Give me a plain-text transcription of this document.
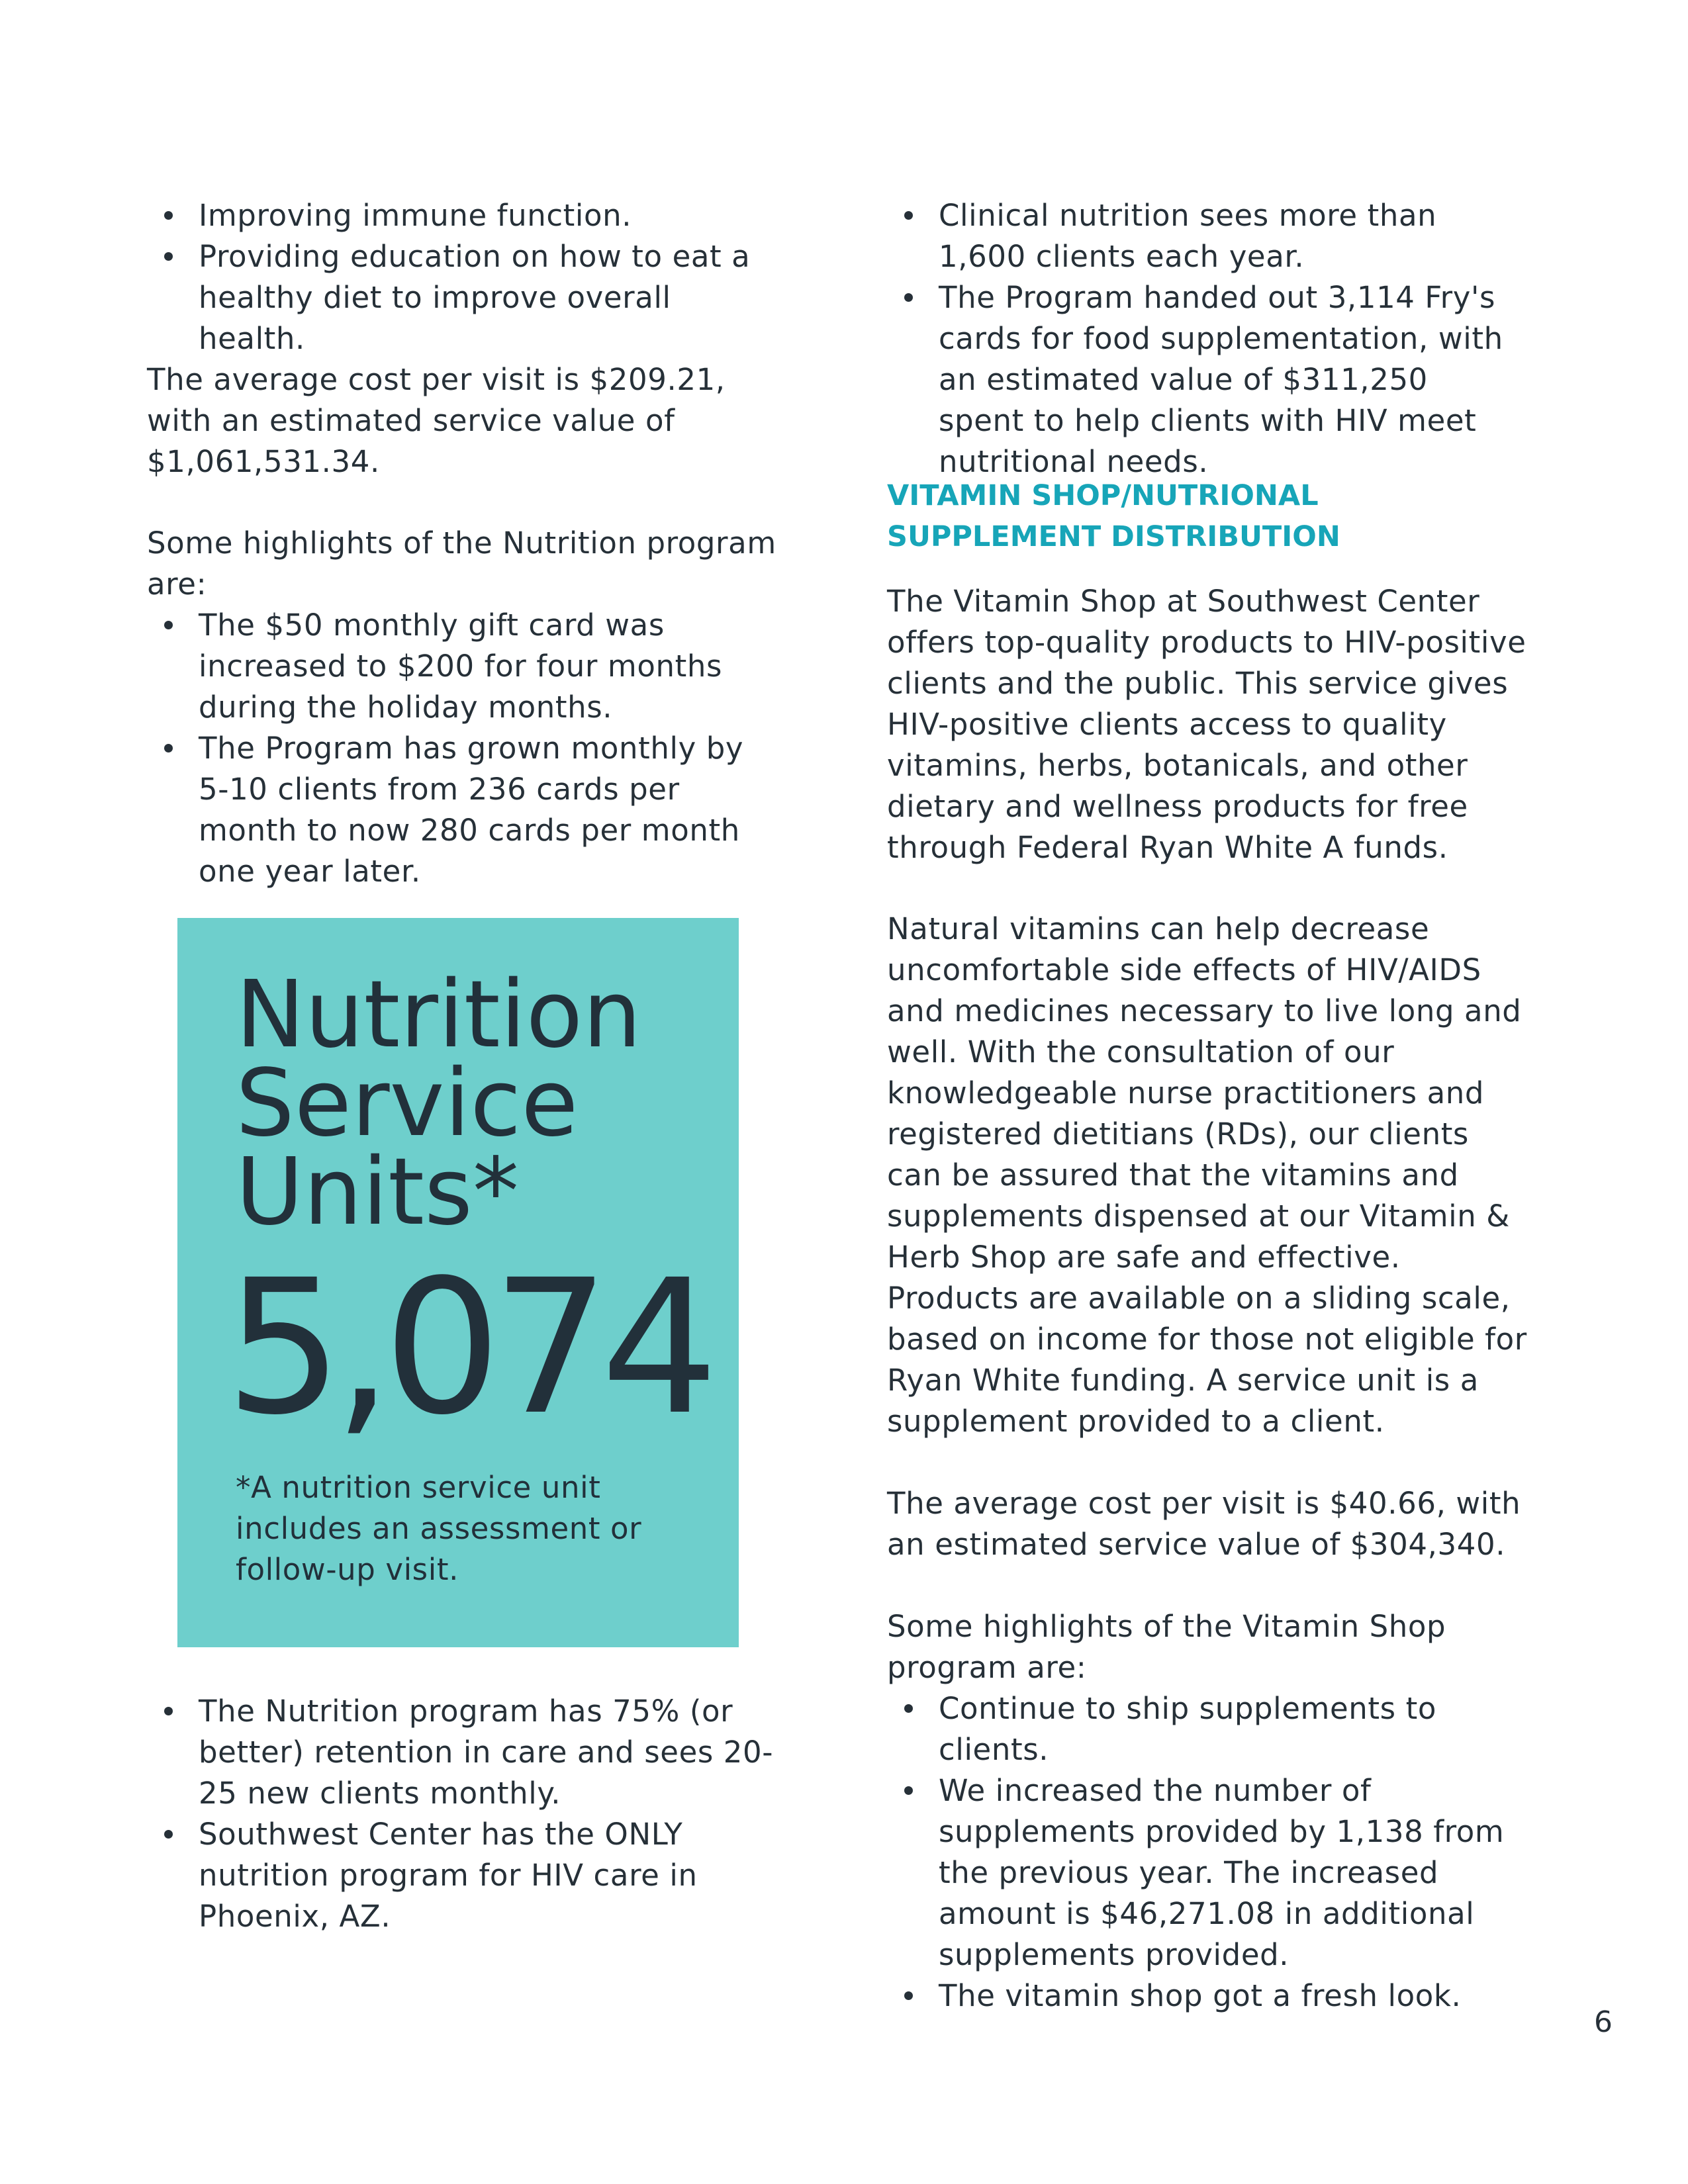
Improving immune function.
Providing education on how to eat a healthy diet to improve overall health.

The average cost per visit is $209.21, with an estimated service value of $1,061,531.34.

Some highlights of the Nutrition program are:

The $50 monthly gift card was increased to $200 for four months during the holiday months.
The Program has grown monthly by 5-10 clients from 236 cards per month to now 280 cards per month one year later.
The Nutrition program has 75% (or better) retention in care and sees 20-25 new clients monthly.
Southwest Center has the ONLY nutrition program for HIV care in Phoenix, AZ.

Nutrition Service Units*

5,074

*A nutrition service unit includes an assessment or follow-up visit.

Clinical nutrition sees more than 1,600 clients each year.
The Program handed out 3,114 Fry's cards for food supplementation, with an estimated value of $311,250 spent to help clients with HIV meet nutritional needs.

VITAMIN SHOP/NUTRIONAL SUPPLEMENT DISTRIBUTION

The Vitamin Shop at Southwest Center offers top-quality products to HIV-positive clients and the public. This service gives HIV-positive clients access to quality vitamins, herbs, botanicals, and other dietary and wellness products for free through Federal Ryan White A funds.

Natural vitamins can help decrease uncomfortable side effects of HIV/AIDS and medicines necessary to live long and well. With the consultation of our knowledgeable nurse practitioners and registered dietitians (RDs), our clients can be assured that the vitamins and supplements dispensed at our Vitamin & Herb Shop are safe and effective. Products are available on a sliding scale, based on income for those not eligible for Ryan White funding. A service unit is a supplement provided to a client.

The average cost per visit is $40.66, with an estimated service value of $304,340.

Some highlights of the Vitamin Shop program are:

Continue to ship supplements to clients.
We increased the number of supplements provided by 1,138 from the previous year. The increased amount is $46,271.08 in additional supplements provided.
The vitamin shop got a fresh look.
6
